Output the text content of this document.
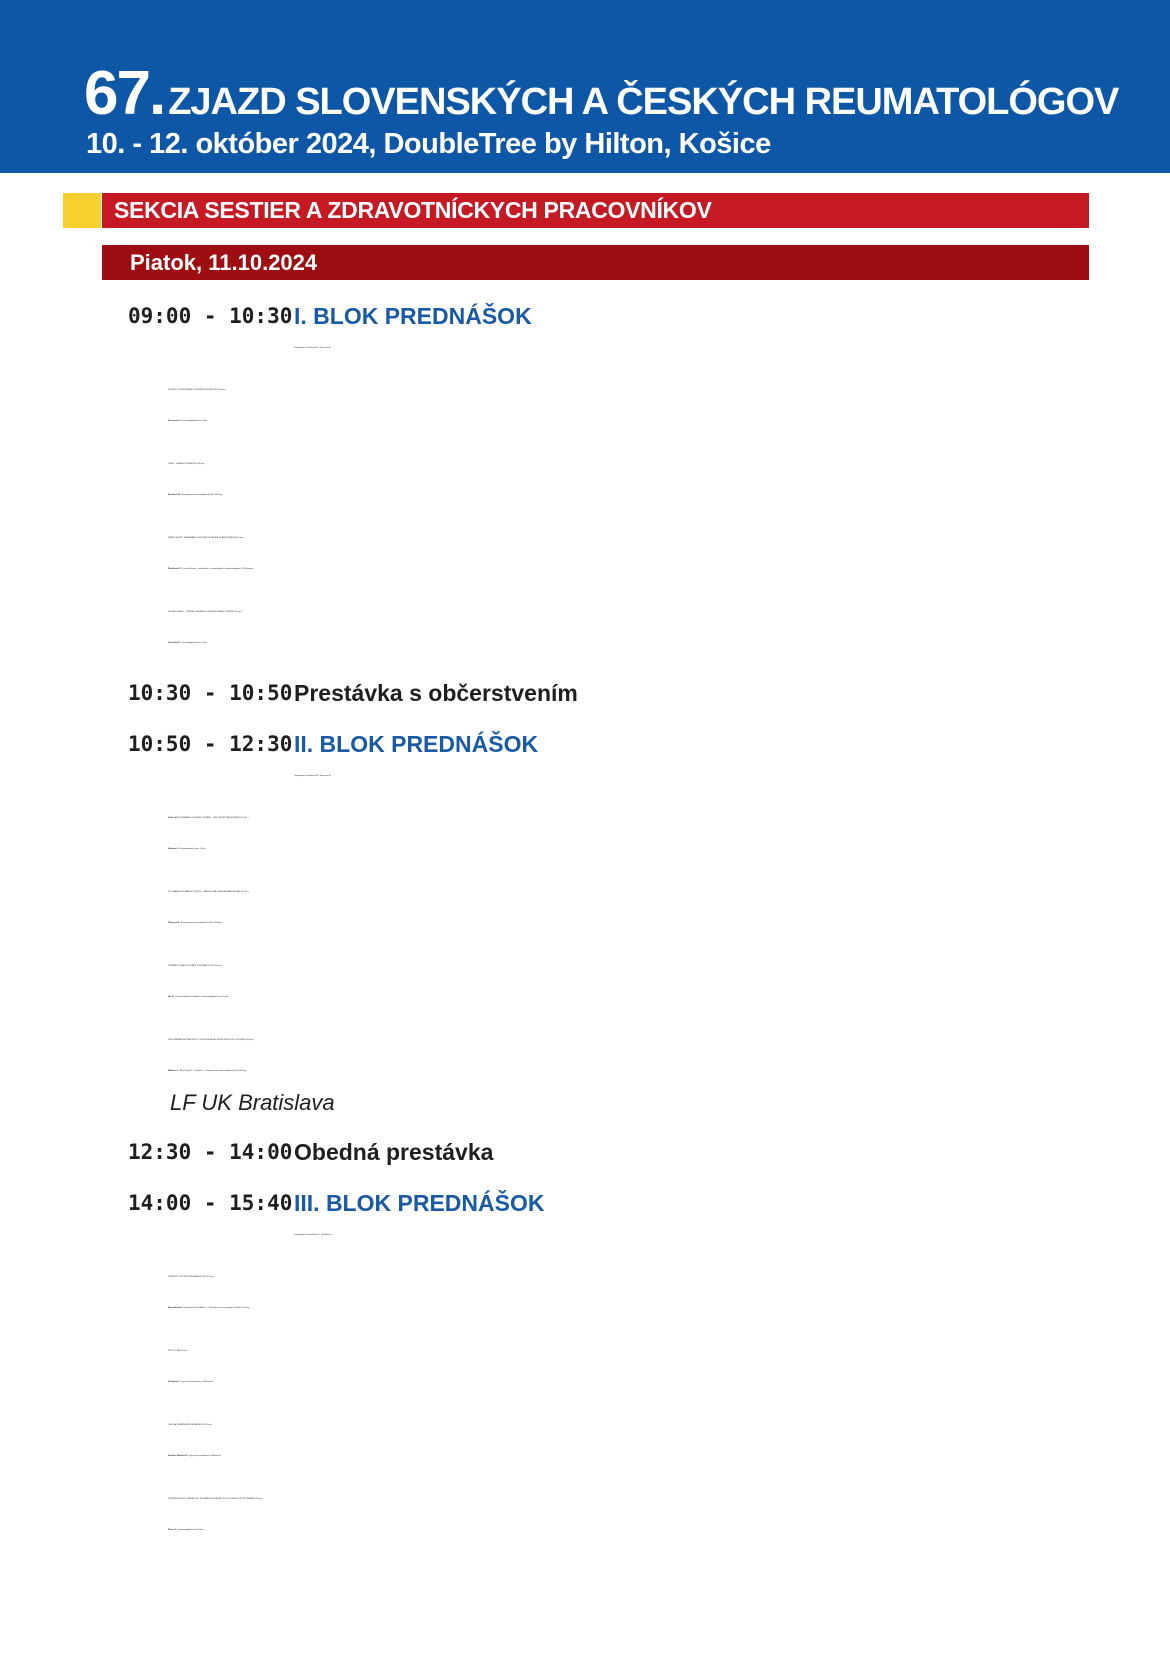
67. ZJAZD SLOVENSKÝCH A ČESKÝCH REUMATOLÓGOV
10. - 12. október 2024, DoubleTree by Hilton, Košice
SEKCIA SESTIER A ZDRAVOTNÍCKYCH PRACOVNÍKOV
Piatok, 11.10.2024
09:00 - 10:30 I. BLOK PREDNÁŠOK
Predsedajúci: Nováková M., Šmucrová H.
NOVINKY Z EVROPSKÉHO KONGRESU EULAR 2024 (20 min.)
Šmucrová H., Revmatologický ústav, Praha
CRMO – PRÍBEH POKRAČUJE (30 min.)
Nováková M., Národný ústav reumatických chorôb, Piešťany
PRÁCE SESTRY NA REVMATOLOGICKÉM ODDĚLENÍ V KAZUISTIKÁCH (20 min.)
Přindišová P., III. interní klinika – nefrologická, revmatologická a endokrinologická, FN Olomouc
PROJEKT RHEU – THYMIA V REVMATOLOGICKÉM ÚSTAVU V PRAZE (20 min.)
Vejvodová E., Revmatologický ústav, Praha
10:30 - 10:50 Prestávka s občerstvením
10:50 - 12:30 II. BLOK PREDNÁŠOK
Predsedajúci: Nováková M., Šmucrová H.
AMBULANCE REVMATOLOGICKÉHO ÚSTAVU – JEHO NEZBYTNÁ SOUČÁST (20 min.)
Kvítková J., Revmatologický ústav, Praha
PUTOVANIE HODVÁBNOU CESTOU – BEHCETOVA CHOROBA (KAZUISTIKA) (30 min.)
Fábryová M., Národný ústav reumatických chorôb, Piešťany
TRÉNINK DÝCHACÍCH SVALŮ V REVMATOLOGII (20 min.)
Obr D., Centrum léčebné rehabilitace, Revmatologický ústav, Praha
SYNOVIÁLNA TEKUTINA: KĽÚČ K POCHOPENIU A LIEČBE KĹBOVÝCH OCHORENÍ (20 min.)
Malíková L., Niko Fereje B., Danišovič L., Národný ústav reumatických chorôb Piešťany,
LF UK Bratislava
12:30 - 14:00 Obedná prestávka
14:00 - 15:40 III. BLOK PREDNÁŠOK
Predsedajúci: Barančíková K., Hľadajová L.
ČINNOSŤ LIGY PROTI REUMATIZMU SR (15 min.)
Barančíková K., Dobšovičová Černáková J., Národný ústav reumatických chorôb, Piešťany
ŽIVOT S JIA (20 min.)
Hľadajová L., Liga proti reumatizmu na Slovensku
JOGOVÁ TERAPIA PRE REUMATIKOV (45 min.)
Studenič Bobocká S., Liga proti reumatizmu na Slovensku
POSTIŽENÍ NOHY U PACIENTŮ S PSORIATICKOU ARTRITÍDOU Z POHLEDU FYZIOTERAPIE (20 min.)
Kičura T., Revmatologický ústav, Praha
